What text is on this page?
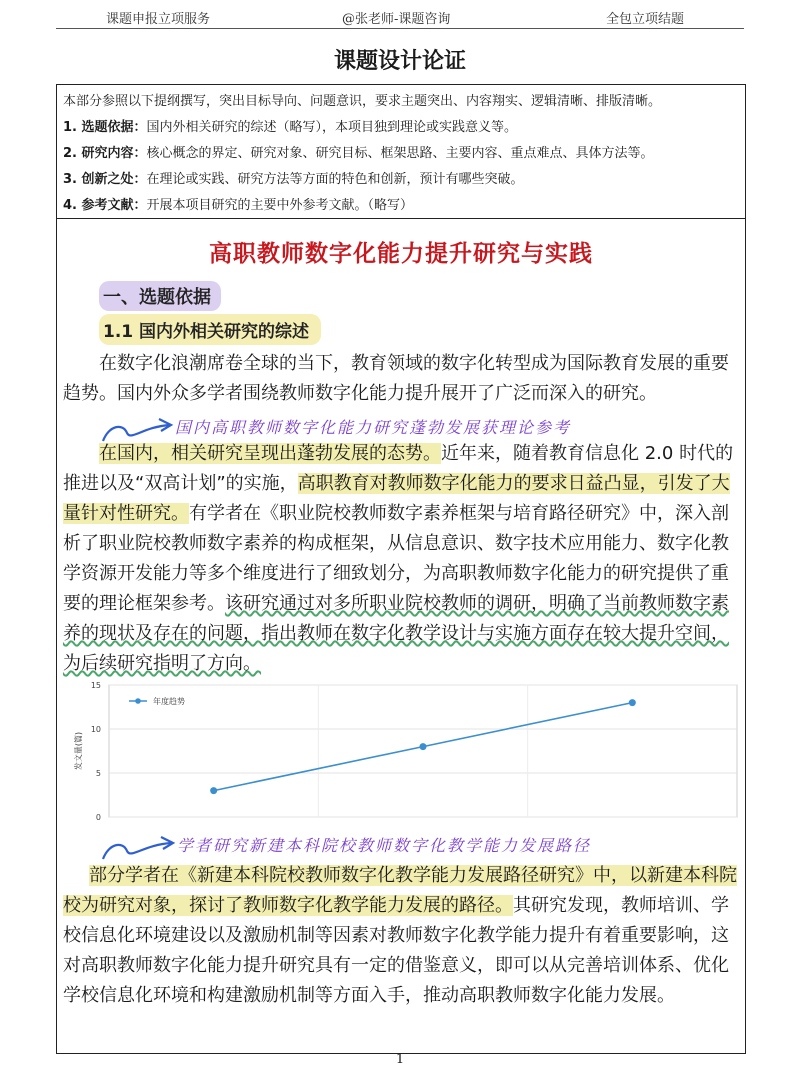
课题申报立项服务	@张老师-课题咨询	全包立项结题
课题设计论证
本部分参照以下提纲撰写，突出目标导向、问题意识，要求主题突出、内容翔实、逻辑清晰、排版清晰。
1. 选题依据：国内外相关研究的综述（略写），本项目独到理论或实践意义等。
2. 研究内容：核心概念的界定、研究对象、研究目标、框架思路、主要内容、重点难点、具体方法等。
3. 创新之处：在理论或实践、研究方法等方面的特色和创新，预计有哪些突破。
4. 参考文献：开展本项目研究的主要中外参考文献。（略写）
高职教师数字化能力提升研究与实践
一、选题依据
1.1 国内外相关研究的综述
在数字化浪潮席卷全球的当下，教育领域的数字化转型成为国际教育发展的重要趋势。国内外众多学者围绕教师数字化能力提升展开了广泛而深入的研究。
国内高职教师数字化能力研究蓬勃发展获理论参考
在国内，相关研究呈现出蓬勃发展的态势。近年来，随着教育信息化 2.0 时代的推进以及“双高计划”的实施，高职教育对教师数字化能力的要求日益凸显，引发了大量针对性研究。有学者在《职业院校教师数字素养框架与培育路径研究》中，深入剖析了职业院校教师数字素养的构成框架，从信息意识、数字技术应用能力、数字化教学资源开发能力等多个维度进行了细致划分，为高职教师数字化能力的研究提供了重要的理论框架参考。该研究通过对多所职业院校教师的调研，明确了当前教师数字素养的现状及存在的问题，指出教师在数字化教学设计与实施方面存在较大提升空间，为后续研究指明了方向。
0
5
10
15
发文量(篇)
年度趋势
学者研究新建本科院校教师数字化教学能力发展路径
部分学者在《新建本科院校教师数字化教学能力发展路径研究》中，以新建本科院校为研究对象，探讨了教师数字化教学能力发展的路径。其研究发现，教师培训、学校信息化环境建设以及激励机制等因素对教师数字化教学能力提升有着重要影响，这对高职教师数字化能力提升研究具有一定的借鉴意义，即可以从完善培训体系、优化学校信息化环境和构建激励机制等方面入手，推动高职教师数字化能力发展。
1
